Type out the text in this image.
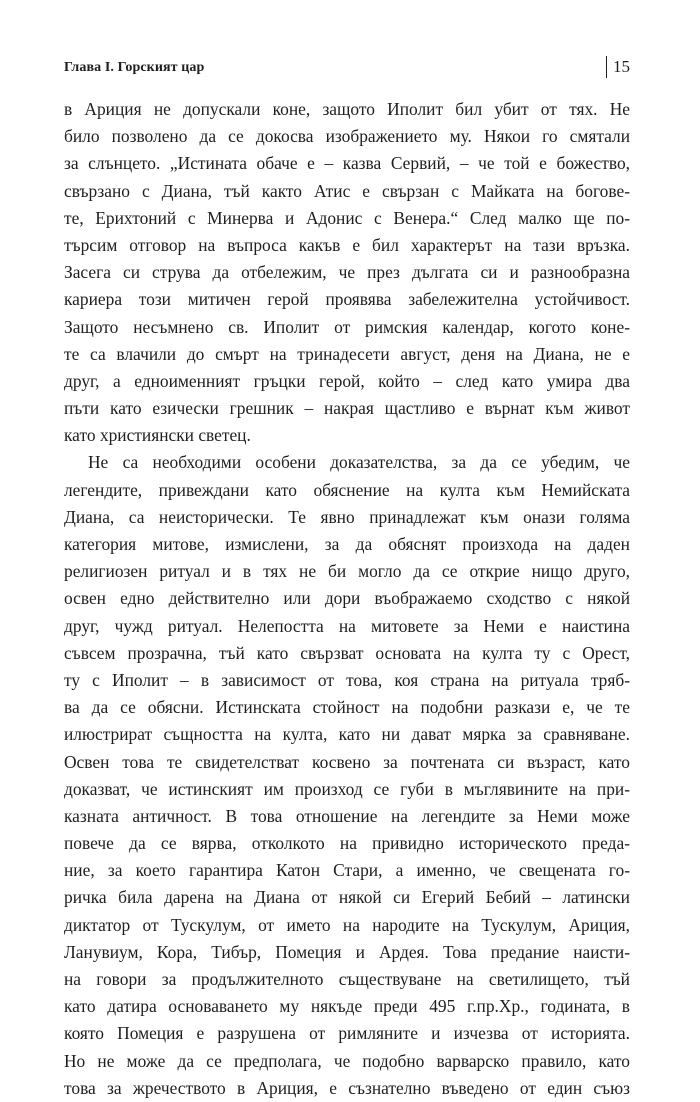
Глава І. Горският цар	15
в Ариция не допускали коне, защото Иполит бил убит от тях. Не
било позволено да се докосва изображението му. Някои го смятали
за слънцето. „Истината обаче е – казва Сервий, – че той е божество,
свързано с Диана, тъй както Атис е свързан с Майката на богове-
те, Ерихтоний с Минерва и Адонис с Венера.“ След малко ще по-
търсим отговор на въпроса какъв е бил характерът на тази връзка.
Засега си струва да отбележим, че през дългата си и разнообразна
кариера този митичен герой проявява забележителна устойчивост.
Защото несъмнено св. Иполит от римския календар, когото коне-
те са влачили до смърт на тринадесети август, деня на Диана, не е
друг, а едноименният гръцки герой, който – след като умира два
пъти като езически грешник – накрая щастливо е върнат към живот
като християнски светец.
Не са необходими особени доказателства, за да се убедим, че
легендите, привеждани като обяснение на култа към Немийската
Диана, са неисторически. Те явно принадлежат към онази голяма
категория митове, измислени, за да обяснят произхода на даден
религиозен ритуал и в тях не би могло да се открие нищо друго,
освен едно действително или дори въображаемо сходство с някой
друг, чужд ритуал. Нелепостта на митовете за Неми е наистина
съвсем прозрачна, тъй като свързват основата на култа ту с Орест,
ту с Иполит – в зависимост от това, коя страна на ритуала тряб-
ва да се обясни. Истинската стойност на подобни разкази е, че те
илюстрират същността на култа, като ни дават мярка за сравняване.
Освен това те свидетелстват косвено за почтената си възраст, като
доказват, че истинският им произход се губи в мъглявините на при-
казната античност. В това отношение на легендите за Неми може
повече да се вярва, отколкото на привидно историческото преда-
ние, за което гарантира Катон Стари, а именно, че свещената го-
ричка била дарена на Диана от някой си Егерий Бебий – латински
диктатор от Тускулум, от името на народите на Тускулум, Ариция,
Ланувиум, Кора, Тибър, Помеция и Ардея. Това предание наисти-
на говори за продължителното съществуване на светилището, тъй
като датира основаването му някъде преди 495 г.пр.Хр., годината, в
която Помеция е разрушена от римляните и изчезва от историята.
Но не може да се предполага, че подобно варварско правило, като
това за жречеството в Ариция, е съзнателно въведено от един съюз
